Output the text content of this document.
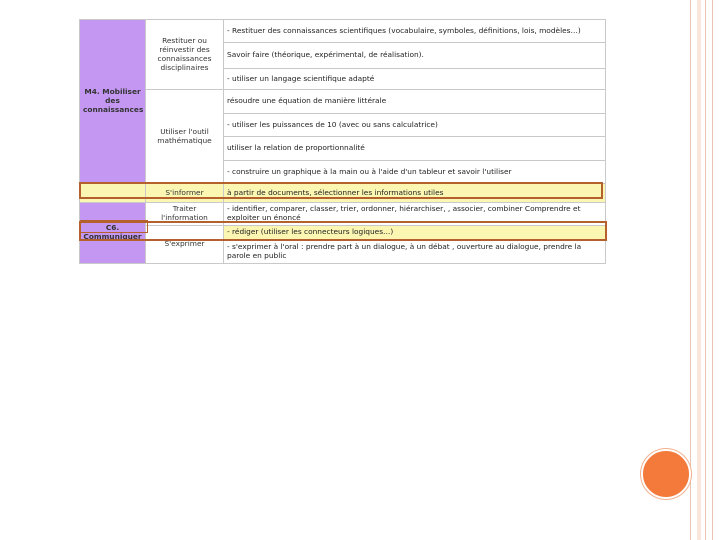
M4. Mobiliser des connaissances	Restituer ou réinvestir des connaissances disciplinaires	- Restituer des connaissances scientifiques (vocabulaire, symboles, définitions, lois, modèles…)
		Savoir faire (théorique, expérimental, de réalisation).
		- utiliser un langage scientifique adapté
	Utiliser l'outil mathématique	résoudre une équation de manière littérale
		- utiliser les puissances de 10 (avec ou sans calculatrice)
		utiliser la relation de proportionnalité
		- construire un graphique à la main ou à l'aide d'un tableur et savoir l'utiliser
	S'informer	à partir de documents, sélectionner les informations utiles

C6.
Communiquer	Traiter l'information	- identifier, comparer, classer, trier, ordonner, hiérarchiser, , associer, combiner Comprendre et exploiter un énoncé
	S'exprimer	- rédiger (utiliser les connecteurs logiques…)
		- s'exprimer à l'oral : prendre part à un dialogue, à un débat , ouverture au dialogue, prendre la parole en public
